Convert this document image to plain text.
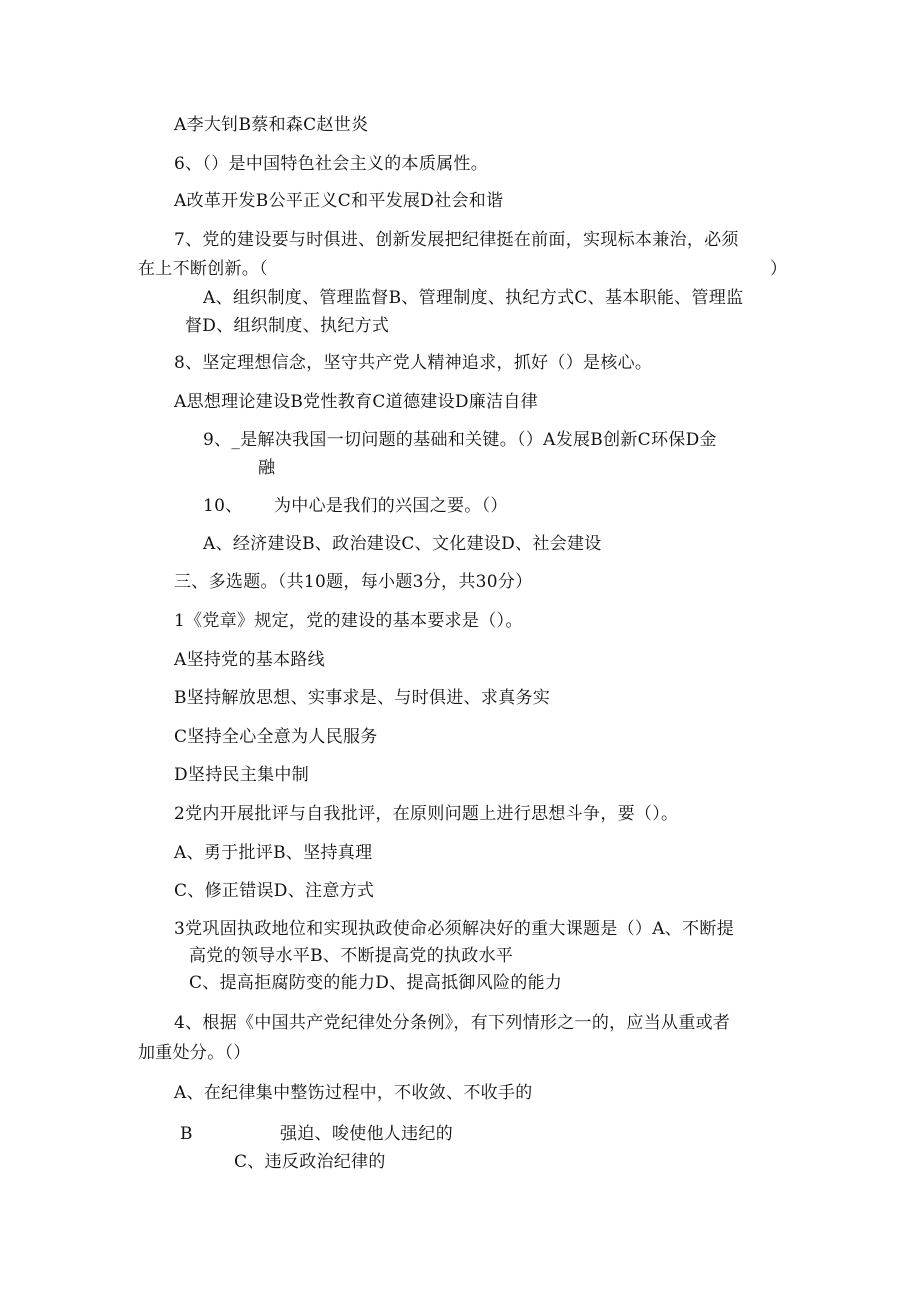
A李大钊B蔡和森C赵世炎
6、（）是中国特色社会主义的本质属性。
A改革开发B公平正义C和平发展D社会和谐
7、党的建设要与时俱进、创新发展把纪律挺在前面，实现标本兼治，必须
在上不断创新。（	）
A、组织制度、管理监督B、管理制度、执纪方式C、基本职能、管理监
督D、组织制度、执纪方式
8、坚定理想信念，坚守共产党人精神追求，抓好（）是核心。
A思想理论建设B党性教育C道德建设D廉洁自律
9、_是解决我国一切问题的基础和关键。（）A发展B创新C环保D金
融
10、 为中心是我们的兴国之要。（）
A、经济建设B、政治建设C、文化建设D、社会建设
三、多选题。（共10题，每小题3分，共30分）
1《党章》规定，党的建设的基本要求是（）。
A坚持党的基本路线
B坚持解放思想、实事求是、与时俱进、求真务实
C坚持全心全意为人民服务
D坚持民主集中制
2党内开展批评与自我批评，在原则问题上进行思想斗争，要（）。
A、勇于批评B、坚持真理
C、修正错误D、注意方式
3党巩固执政地位和实现执政使命必须解决好的重大课题是（）A、不断提
高党的领导水平B、不断提高党的执政水平
C、提高拒腐防变的能力D、提高抵御风险的能力
4、根据《中国共产党纪律处分条例》，有下列情形之一的，应当从重或者
加重处分。（）
A、在纪律集中整饬过程中，不收敛、不收手的
B	强迫、唆使他人违纪的
C、违反政治纪律的
